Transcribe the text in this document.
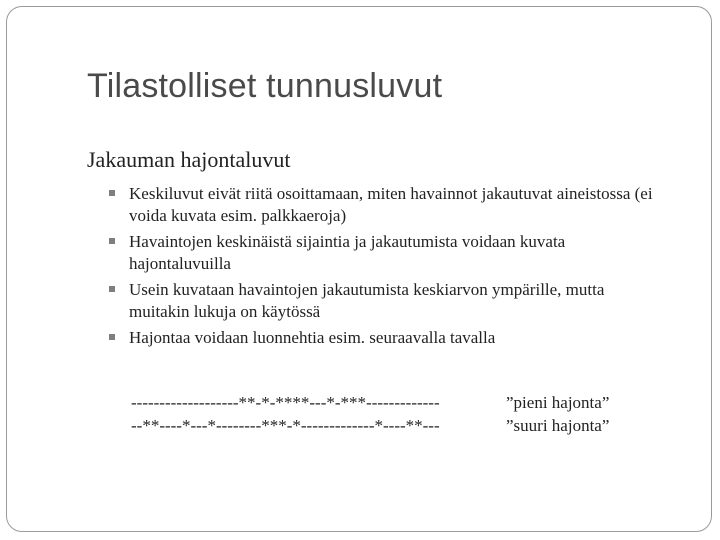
Tilastolliset tunnusluvut
Jakauman hajontaluvut
Keskiluvut eivät riitä osoittamaan, miten havainnot jakautuvat aineistossa (ei voida kuvata esim. palkkaeroja)
Havaintojen keskinäistä sijaintia ja jakautumista voidaan kuvata hajontaluvuilla
Usein kuvataan havaintojen jakautumista keskiarvon ympärille, mutta muitakin lukuja on käytössä
Hajontaa voidaan luonnehtia esim. seuraavalla tavalla
-------------------**-*-****---*-***-------------	”pieni hajonta”
--**----*---*--------***-*-------------*----**---	”suuri hajonta”
